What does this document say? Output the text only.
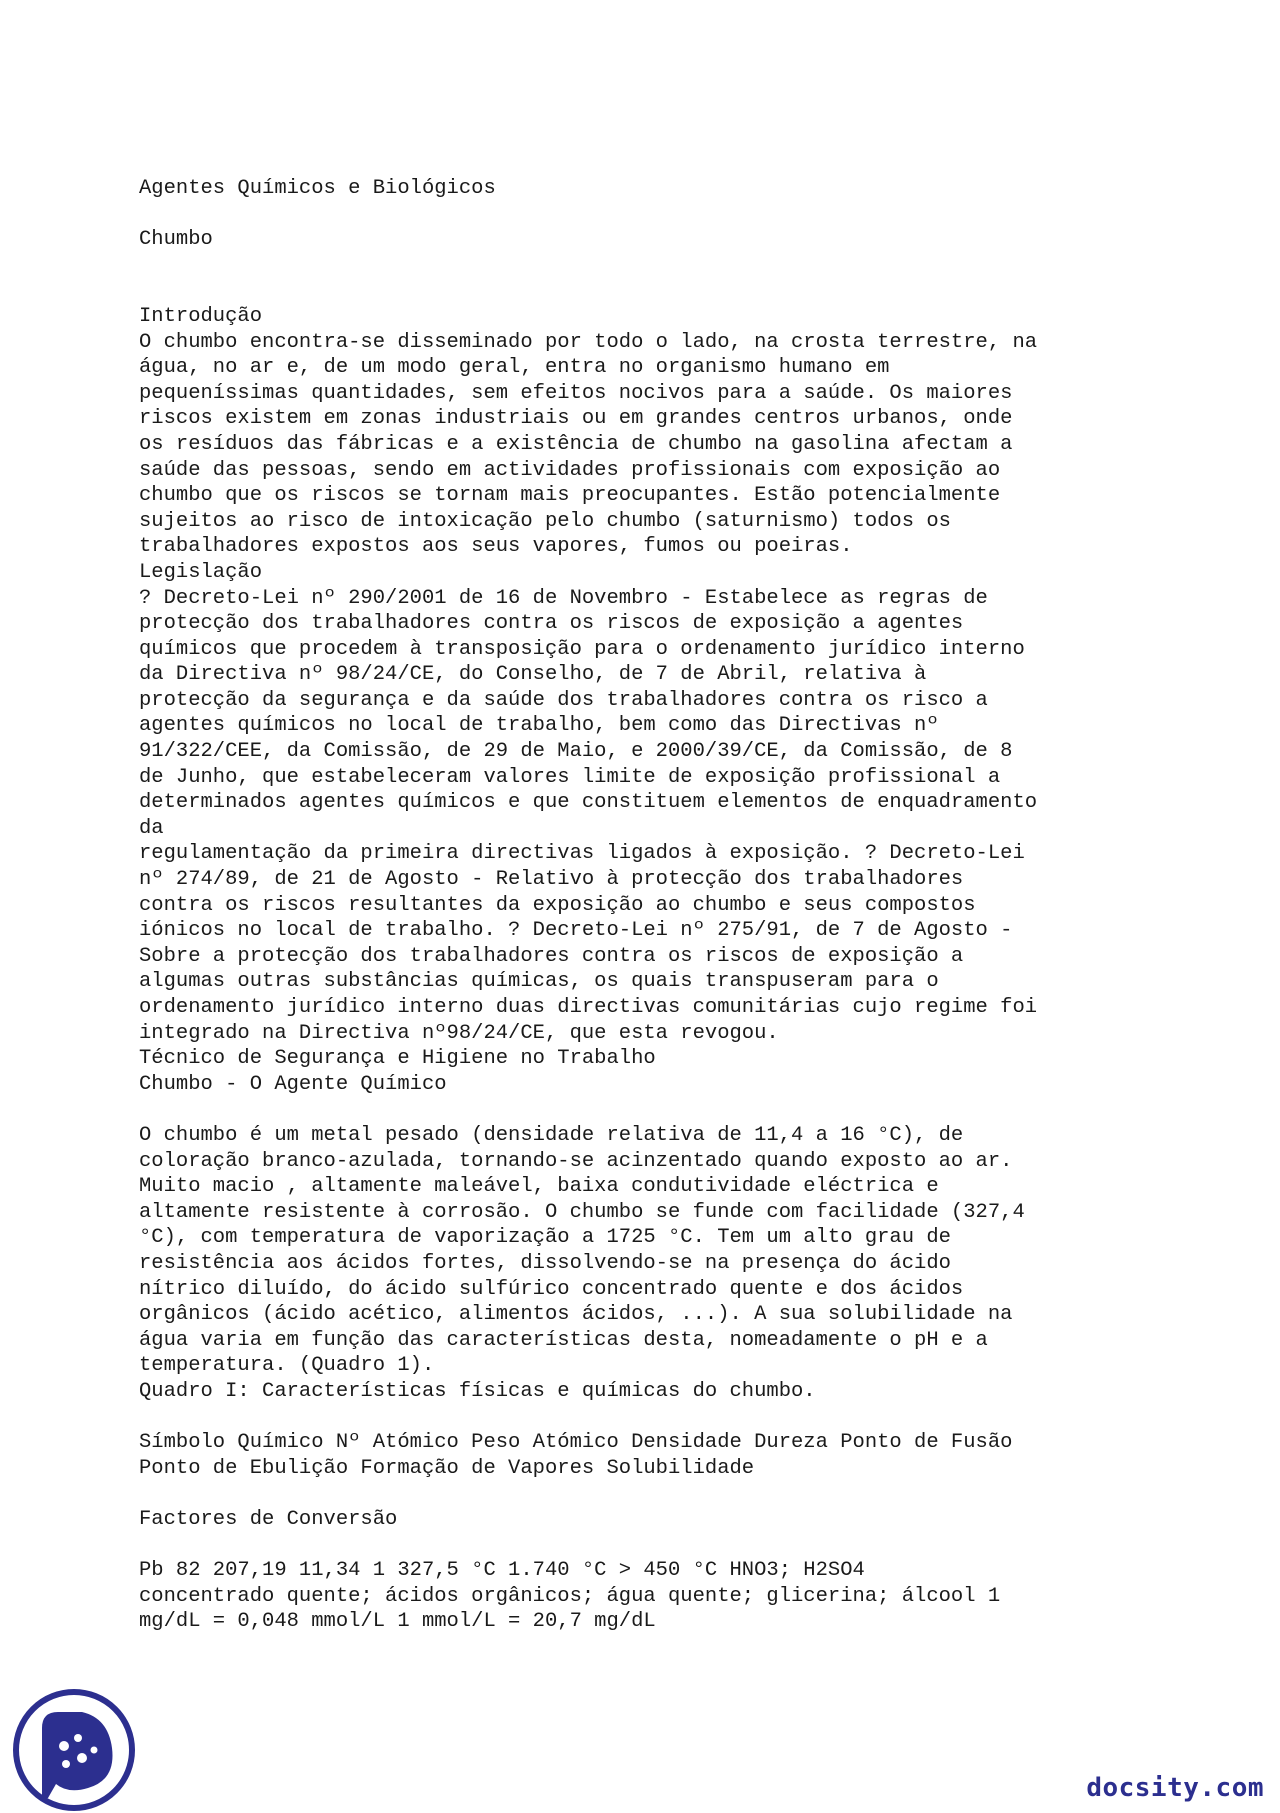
Agentes Químicos e Biológicos
Chumbo
Introdução
O chumbo encontra-se disseminado por todo o lado, na crosta terrestre, na
água, no ar e, de um modo geral, entra no organismo humano em
pequeníssimas quantidades, sem efeitos nocivos para a saúde. Os maiores
riscos existem em zonas industriais ou em grandes centros urbanos, onde
os resíduos das fábricas e a existência de chumbo na gasolina afectam a
saúde das pessoas, sendo em actividades profissionais com exposição ao
chumbo que os riscos se tornam mais preocupantes. Estão potencialmente
sujeitos ao risco de intoxicação pelo chumbo (saturnismo) todos os
trabalhadores expostos aos seus vapores, fumos ou poeiras.
Legislação
? Decreto-Lei nº 290/2001 de 16 de Novembro - Estabelece as regras de
protecção dos trabalhadores contra os riscos de exposição a agentes
químicos que procedem à transposição para o ordenamento jurídico interno
da Directiva nº 98/24/CE, do Conselho, de 7 de Abril, relativa à
protecção da segurança e da saúde dos trabalhadores contra os risco a
agentes químicos no local de trabalho, bem como das Directivas nº
91/322/CEE, da Comissão, de 29 de Maio, e 2000/39/CE, da Comissão, de 8
de Junho, que estabeleceram valores limite de exposição profissional a
determinados agentes químicos e que constituem elementos de enquadramento
da
regulamentação da primeira directivas ligados à exposição. ? Decreto-Lei
nº 274/89, de 21 de Agosto - Relativo à protecção dos trabalhadores
contra os riscos resultantes da exposição ao chumbo e seus compostos
iónicos no local de trabalho. ? Decreto-Lei nº 275/91, de 7 de Agosto -
Sobre a protecção dos trabalhadores contra os riscos de exposição a
algumas outras substâncias químicas, os quais transpuseram para o
ordenamento jurídico interno duas directivas comunitárias cujo regime foi
integrado na Directiva nº98/24/CE, que esta revogou.
Técnico de Segurança e Higiene no Trabalho
Chumbo - O Agente Químico
O chumbo é um metal pesado (densidade relativa de 11,4 a 16 °C), de
coloração branco-azulada, tornando-se acinzentado quando exposto ao ar.
Muito macio , altamente maleável, baixa condutividade eléctrica e
altamente resistente à corrosão. O chumbo se funde com facilidade (327,4
°C), com temperatura de vaporização a 1725 °C. Tem um alto grau de
resistência aos ácidos fortes, dissolvendo-se na presença do ácido
nítrico diluído, do ácido sulfúrico concentrado quente e dos ácidos
orgânicos (ácido acético, alimentos ácidos, ...). A sua solubilidade na
água varia em função das características desta, nomeadamente o pH e a
temperatura. (Quadro 1).
Quadro I: Características físicas e químicas do chumbo.
Símbolo Químico Nº Atómico Peso Atómico Densidade Dureza Ponto de Fusão
Ponto de Ebulição Formação de Vapores Solubilidade
Factores de Conversão
Pb 82 207,19 11,34 1 327,5 °C 1.740 °C > 450 °C HNO3; H2SO4
concentrado quente; ácidos orgânicos; água quente; glicerina; álcool 1
mg/dL = 0,048 mmol/L 1 mmol/L = 20,7 mg/dL
docsity.com
